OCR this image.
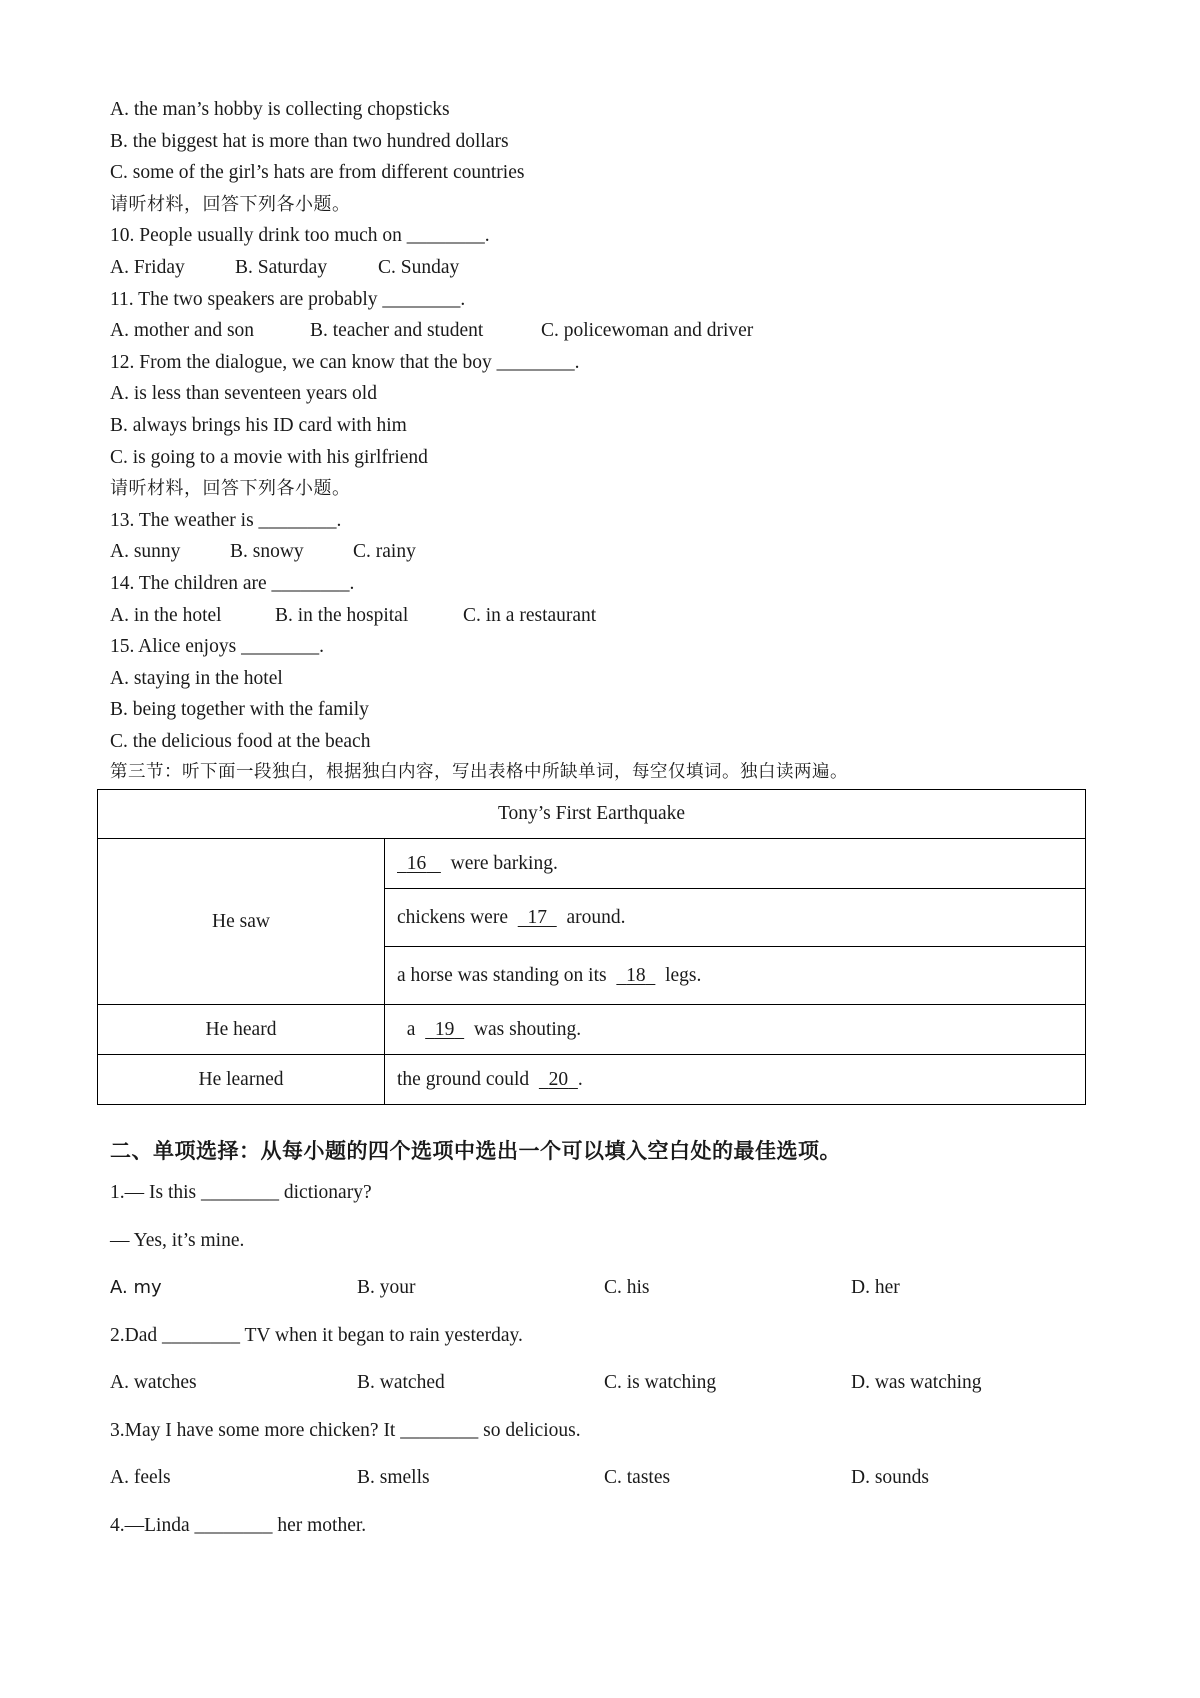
A. the man’s hobby is collecting chopsticks
B. the biggest hat is more than two hundred dollars
C. some of the girl’s hats are from different countries
请听材料，回答下列各小题。
10. People usually drink too much on ________.
A. Friday	B. Saturday	C. Sunday
11. The two speakers are probably ________.
A. mother and son	B. teacher and student	C. policewoman and driver
12. From the dialogue, we can know that the boy ________.
A. is less than seventeen years old
B. always brings his ID card with him
C. is going to a movie with his girlfriend
请听材料，回答下列各小题。
13. The weather is ________.
A. sunny	B. snowy	C. rainy
14. The children are ________.
A. in the hotel	B. in the hospital	C. in a restaurant
15. Alice enjoys ________.
A. staying in the hotel
B. being together with the family
C. the delicious food at the beach
第三节：听下面一段独白，根据独白内容，写出表格中所缺单词，每空仅填词。独白读两遍。
Tony’s First Earthquake	
He saw	16 were barking.
	chickens were 17 around.
	a horse was standing on its 18 legs.
He heard	a 19 was shouting.
He learned	the ground could 20 .
二、单项选择：从每小题的四个选项中选出一个可以填入空白处的最佳选项。
1.— Is this ________ dictionary?
— Yes, it’s mine.
A. my	B. your	C. his	D. her
2.Dad ________ TV when it began to rain yesterday.
A. watches	B. watched	C. is watching	D. was watching
3.May I have some more chicken? It ________ so delicious.
A. feels	B. smells	C. tastes	D. sounds
4.—Linda ________ her mother.
